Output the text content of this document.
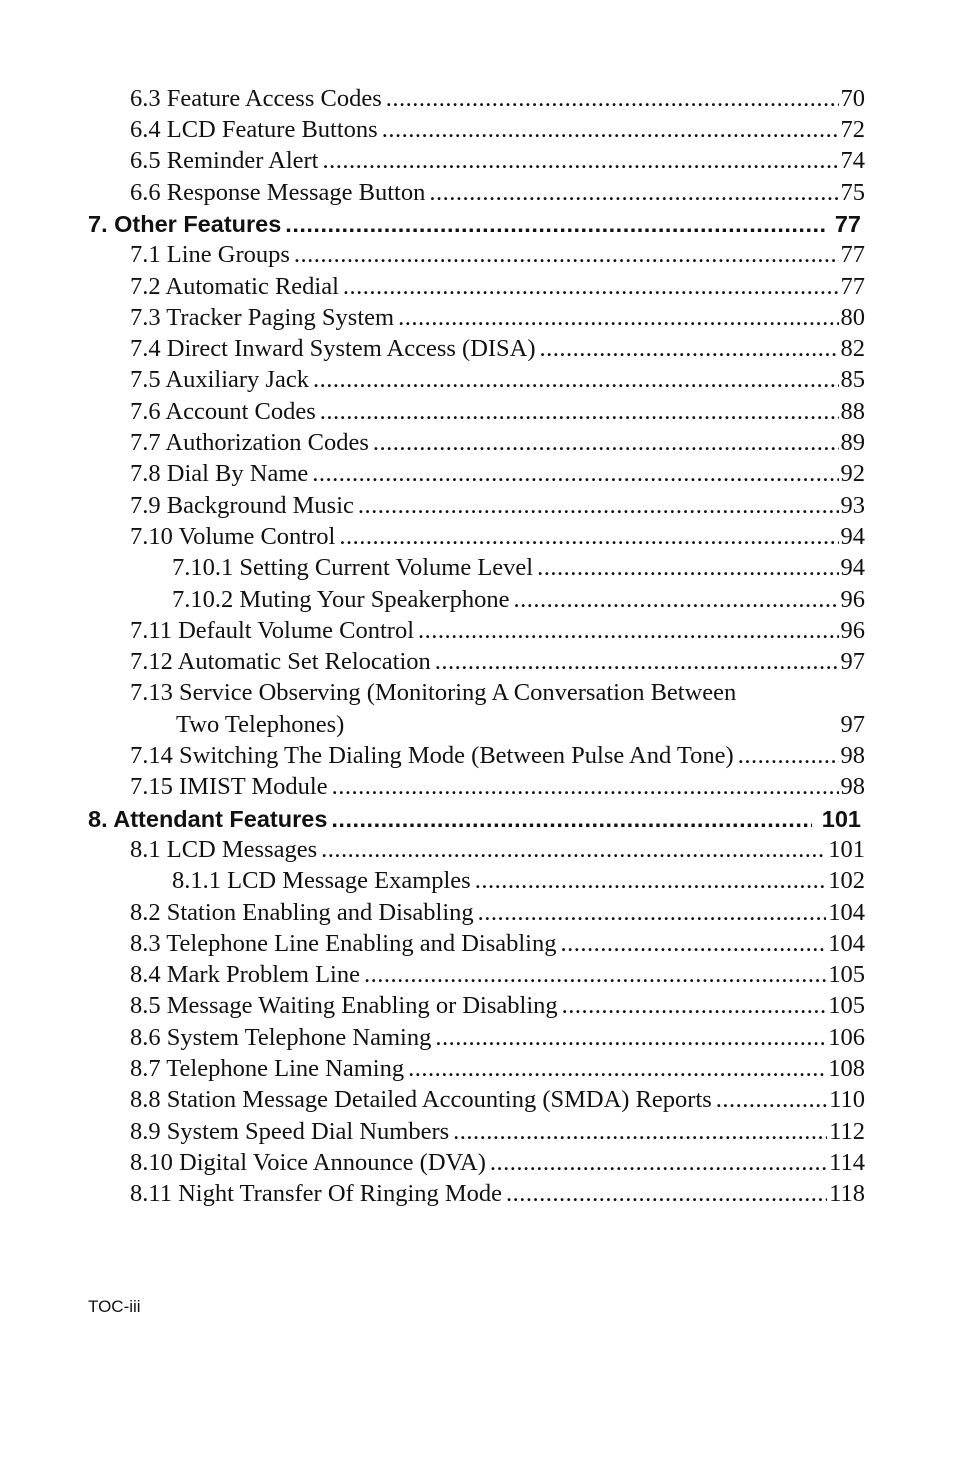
6.3 Feature Access Codes .....	70
6.4 LCD Feature Buttons .....	72
6.5 Reminder Alert .....	74
6.6 Response Message Button .....	75
7. Other Features .....	77
7.1 Line Groups .....	77
7.2 Automatic Redial .....	77
7.3 Tracker Paging System .....	80
7.4 Direct Inward System Access (DISA) .....	82
7.5 Auxiliary Jack .....	85
7.6 Account Codes .....	88
7.7 Authorization Codes .....	89
7.8 Dial By Name .....	92
7.9 Background Music .....	93
7.10 Volume Control .....	94
7.10.1 Setting Current Volume Level .....	94
7.10.2 Muting Your Speakerphone .....	96
7.11 Default Volume Control .....	96
7.12 Automatic Set Relocation .....	97
7.13 Service Observing (Monitoring A Conversation Between
Two Telephones)	97
7.14 Switching The Dialing Mode (Between Pulse And Tone) .....	98
7.15 IMIST Module .....	98
8. Attendant Features .....	101
8.1 LCD Messages .....	101
8.1.1 LCD Message Examples .....	102
8.2 Station Enabling and Disabling .....	104
8.3 Telephone Line Enabling and Disabling .....	104
8.4 Mark Problem Line .....	105
8.5 Message Waiting Enabling or Disabling .....	105
8.6 System Telephone Naming .....	106
8.7 Telephone Line Naming .....	108
8.8 Station Message Detailed Accounting (SMDA) Reports .....	110
8.9 System Speed Dial Numbers .....	112
8.10 Digital Voice Announce (DVA) .....	114
8.11 Night Transfer Of Ringing Mode .....	118
TOC-iii
